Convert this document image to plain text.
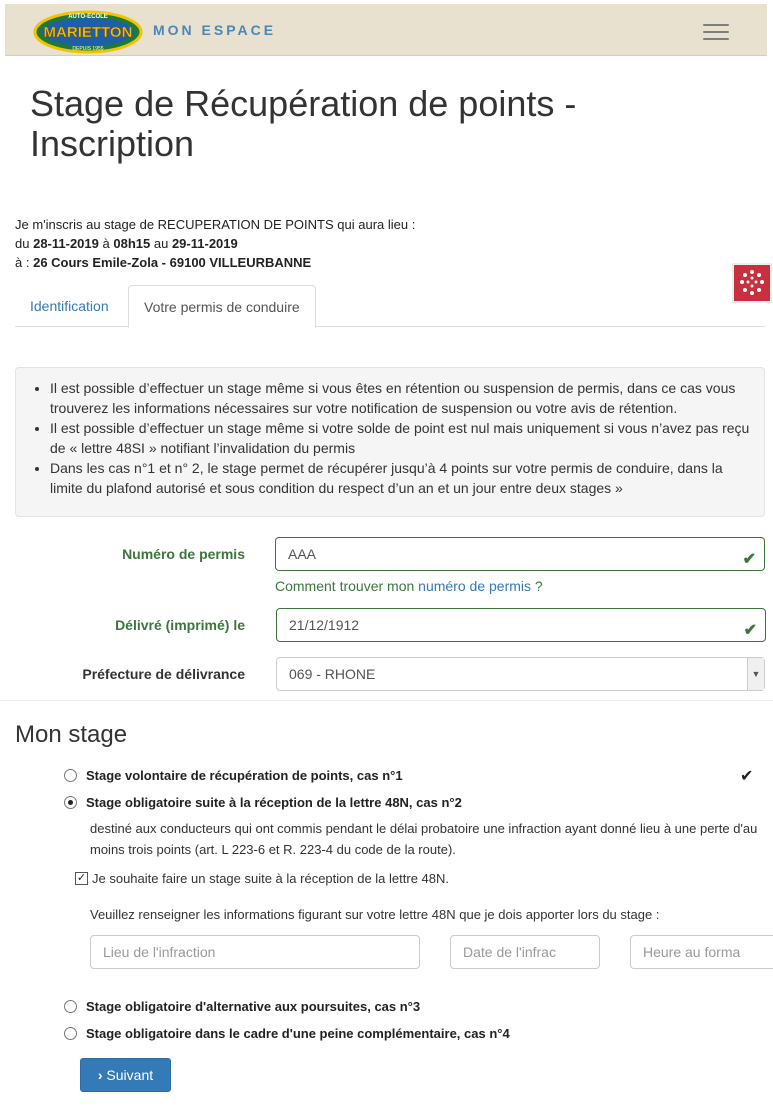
AUTO-ECOLE
MARIETTON
DEPUIS 1955
MON ESPACE
Stage de Récupération de points - Inscription
Je m'inscris au stage de RECUPERATION DE POINTS qui aura lieu :
du 28-11-2019 à 08h15 au 29-11-2019
à : 26 Cours Emile-Zola - 69100 VILLEURBANNE
Identification	Votre permis de conduire
• Il est possible d’effectuer un stage même si vous êtes en rétention ou suspension de permis, dans ce cas vous trouverez les informations nécessaires sur votre notification de suspension ou votre avis de rétention.
• Il est possible d’effectuer un stage même si votre solde de point est nul mais uniquement si vous n’avez pas reçu de « lettre 48SI » notifiant l’invalidation du permis
• Dans les cas n°1 et n° 2, le stage permet de récupérer jusqu’à 4 points sur votre permis de conduire, dans la limite du plafond autorisé et sous condition du respect d’un an et un jour entre deux stages »
Numéro de permis	AAA	✔
Comment trouver mon numéro de permis ?
Délivré (imprimé) le	21/12/1912	✔
Préfecture de délivrance	069 - RHONE	▼
Mon stage
Stage volontaire de récupération de points, cas n°1	✔
Stage obligatoire suite à la réception de la lettre 48N, cas n°2
destiné aux conducteurs qui ont commis pendant le délai probatoire une infraction ayant donné lieu à une perte d'au moins trois points (art. L 223-6 et R. 223-4 du code de la route).
✓ Je souhaite faire un stage suite à la réception de la lettre 48N.
Veuillez renseigner les informations figurant sur votre lettre 48N que je dois apporter lors du stage :
Lieu de l'infraction	Date de l'infrac	Heure au forma
Stage obligatoire d'alternative aux poursuites, cas n°3
Stage obligatoire dans le cadre d'une peine complémentaire, cas n°4
› Suivant
